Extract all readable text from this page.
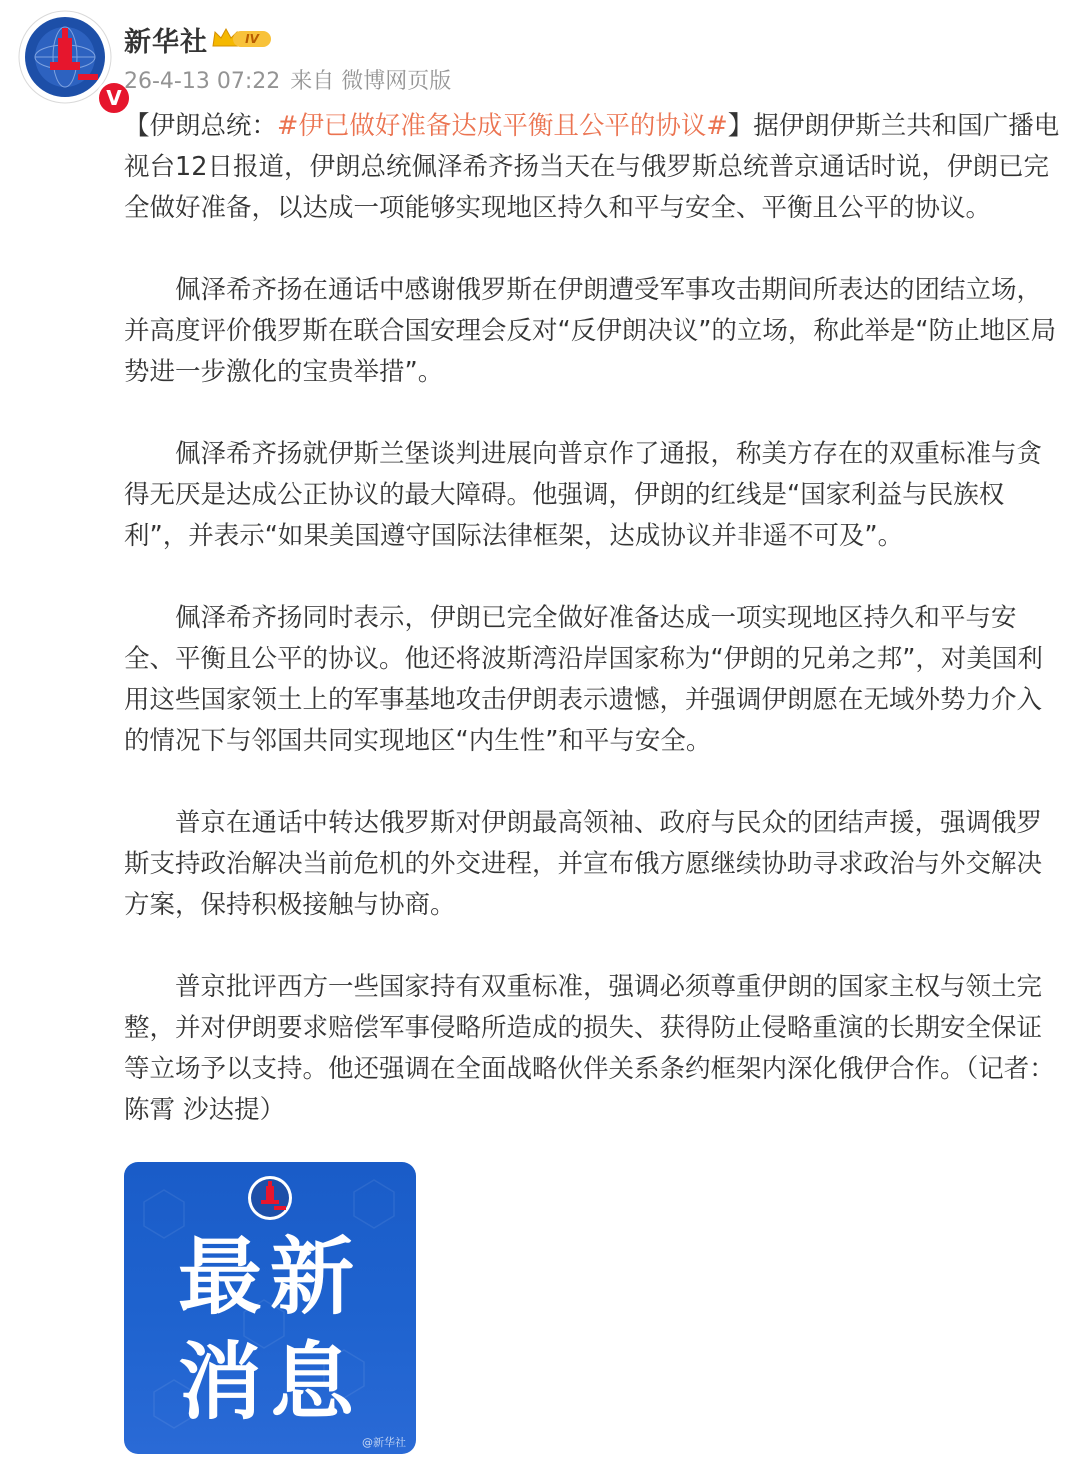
V
新华社	IV
26-4-13 07:22 来自 微博网页版

【伊朗总统：#伊已做好准备达成平衡且公平的协议#】据伊朗伊斯兰共和国广播电视台12日报道，伊朗总统佩泽希齐扬当天在与俄罗斯总统普京通话时说，伊朗已完全做好准备，以达成一项能够实现地区持久和平与安全、平衡且公平的协议。

佩泽希齐扬在通话中感谢俄罗斯在伊朗遭受军事攻击期间所表达的团结立场，并高度评价俄罗斯在联合国安理会反对“反伊朗决议”的立场，称此举是“防止地区局势进一步激化的宝贵举措”。

佩泽希齐扬就伊斯兰堡谈判进展向普京作了通报，称美方存在的双重标准与贪得无厌是达成公正协议的最大障碍。他强调，伊朗的红线是“国家利益与民族权利”，并表示“如果美国遵守国际法律框架，达成协议并非遥不可及”。

佩泽希齐扬同时表示，伊朗已完全做好准备达成一项实现地区持久和平与安全、平衡且公平的协议。他还将波斯湾沿岸国家称为“伊朗的兄弟之邦”，对美国利用这些国家领土上的军事基地攻击伊朗表示遗憾，并强调伊朗愿在无域外势力介入的情况下与邻国共同实现地区“内生性”和平与安全。

普京在通话中转达俄罗斯对伊朗最高领袖、政府与民众的团结声援，强调俄罗斯支持政治解决当前危机的外交进程，并宣布俄方愿继续协助寻求政治与外交解决方案，保持积极接触与协商。

普京批评西方一些国家持有双重标准，强调必须尊重伊朗的国家主权与领土完整，并对伊朗要求赔偿军事侵略所造成的损失、获得防止侵略重演的长期安全保证等立场予以支持。他还强调在全面战略伙伴关系条约框架内深化俄伊合作。（记者：陈霄 沙达提）

最新
消息
@新华社
